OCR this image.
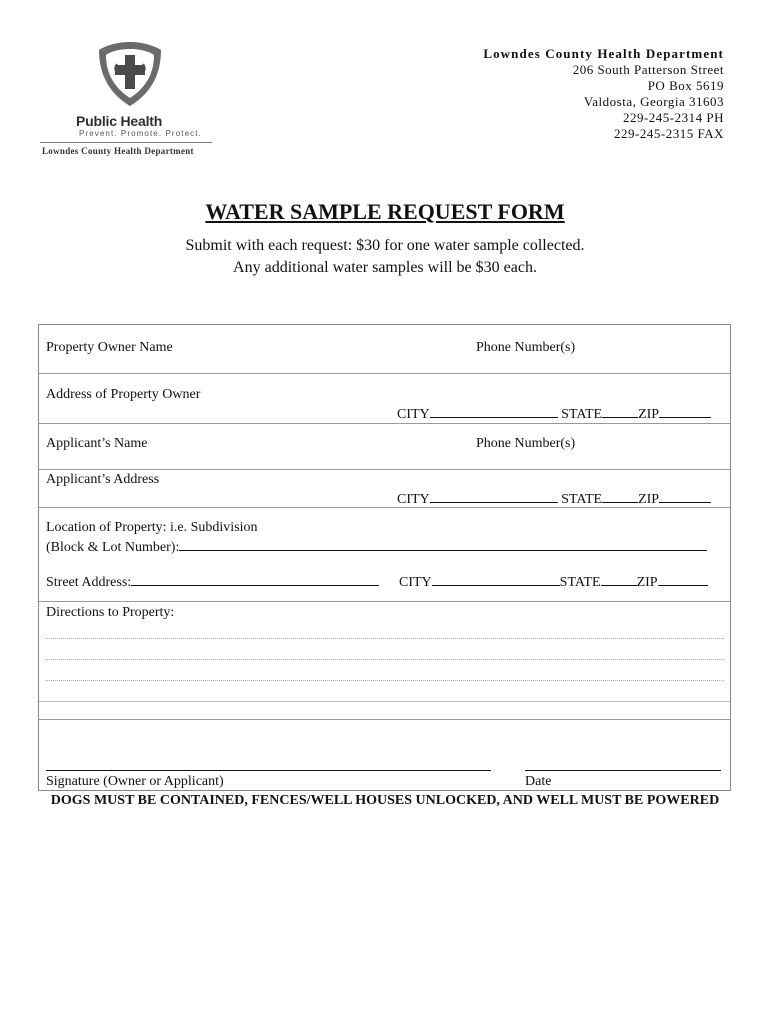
Public Health
Prevent. Promote. Protect.
Lowndes County Health Department
Lowndes County Health Department
206 South Patterson Street
PO Box 5619
Valdosta, Georgia 31603
229-245-2314 PH
229-245-2315 FAX
WATER SAMPLE REQUEST FORM
Submit with each request: $30 for one water sample collected.
Any additional water samples will be $30 each.
Property Owner Name	Phone Number(s)
Address of Property Owner
CITY	STATE	ZIP
Applicant’s Name	Phone Number(s)
Applicant’s Address
CITY	STATE	ZIP
Location of Property: i.e. Subdivision
(Block & Lot Number):
Street Address:	CITY	STATE	ZIP
Directions to Property:
Signature (Owner or Applicant)	Date
DOGS MUST BE CONTAINED, FENCES/WELL HOUSES UNLOCKED, AND WELL MUST BE POWERED
